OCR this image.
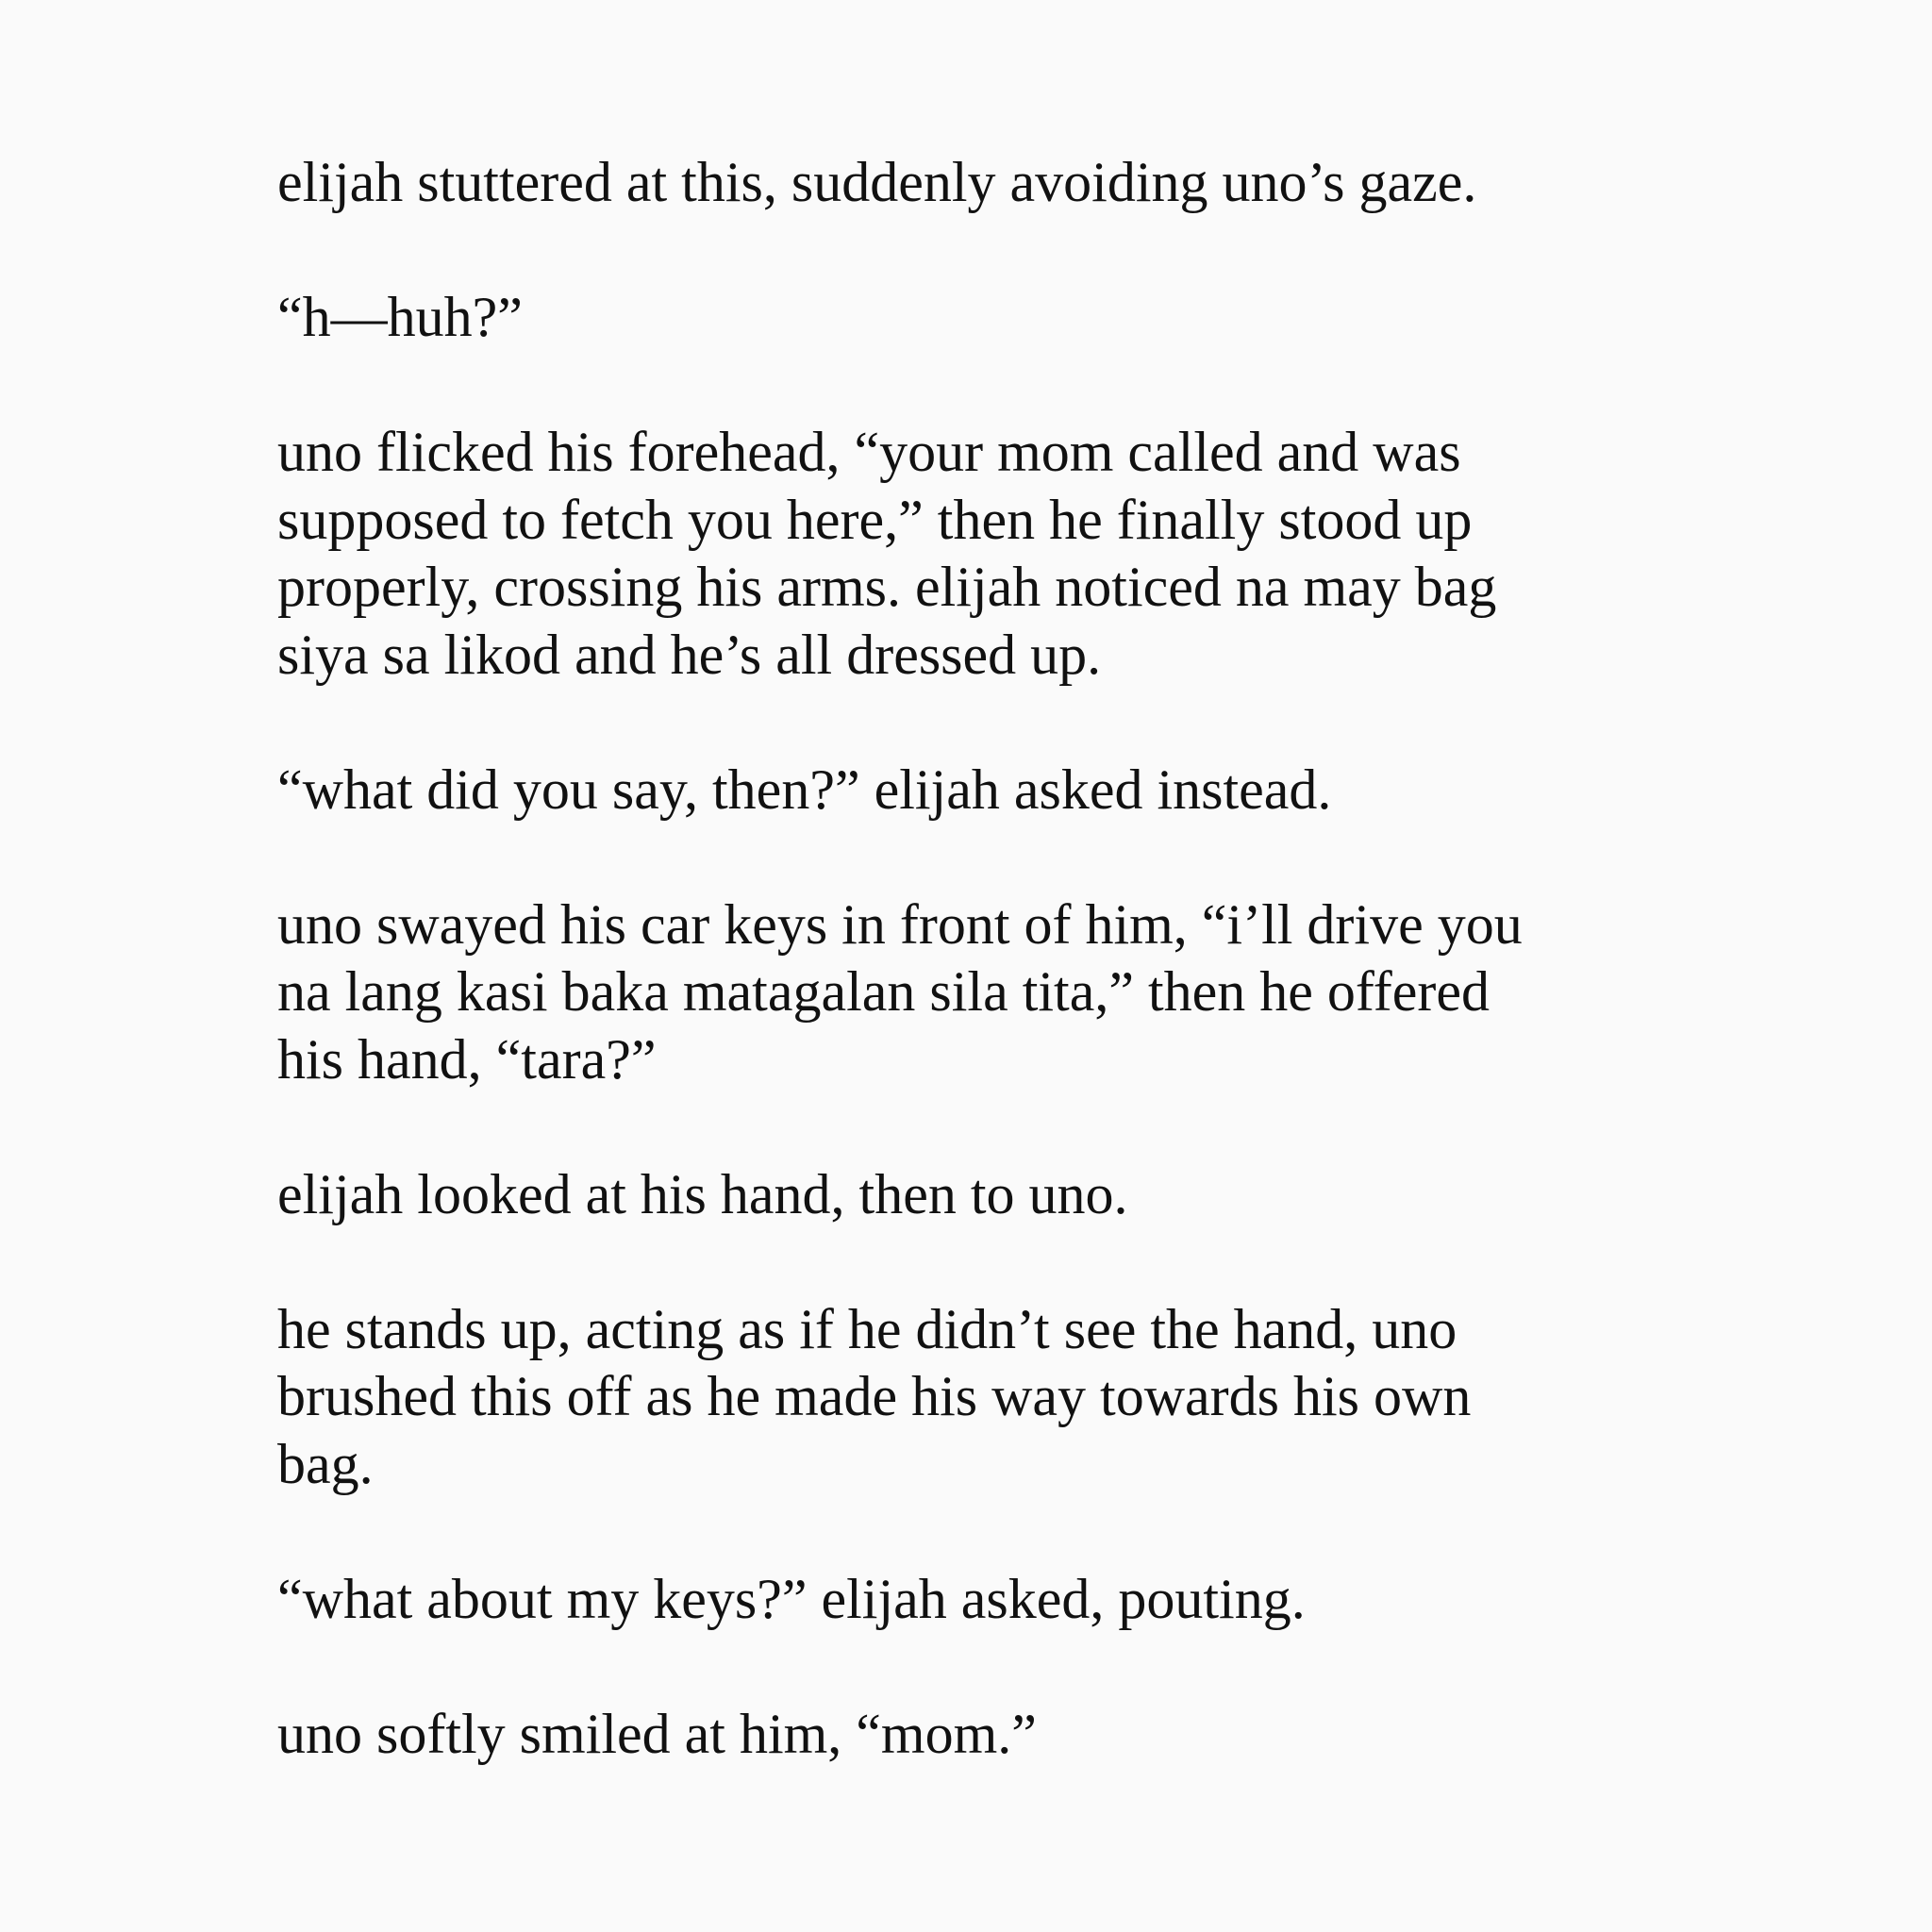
elijah stuttered at this, suddenly avoiding uno’s gaze.

“h—huh?”

uno flicked his forehead, “your mom called and was
supposed to fetch you here,” then he finally stood up
properly, crossing his arms. elijah noticed na may bag
siya sa likod and he’s all dressed up.

“what did you say, then?” elijah asked instead.

uno swayed his car keys in front of him, “i’ll drive you
na lang kasi baka matagalan sila tita,” then he offered
his hand, “tara?”

elijah looked at his hand, then to uno.

he stands up, acting as if he didn’t see the hand, uno
brushed this off as he made his way towards his own
bag.

“what about my keys?” elijah asked, pouting.

uno softly smiled at him, “mom.”
